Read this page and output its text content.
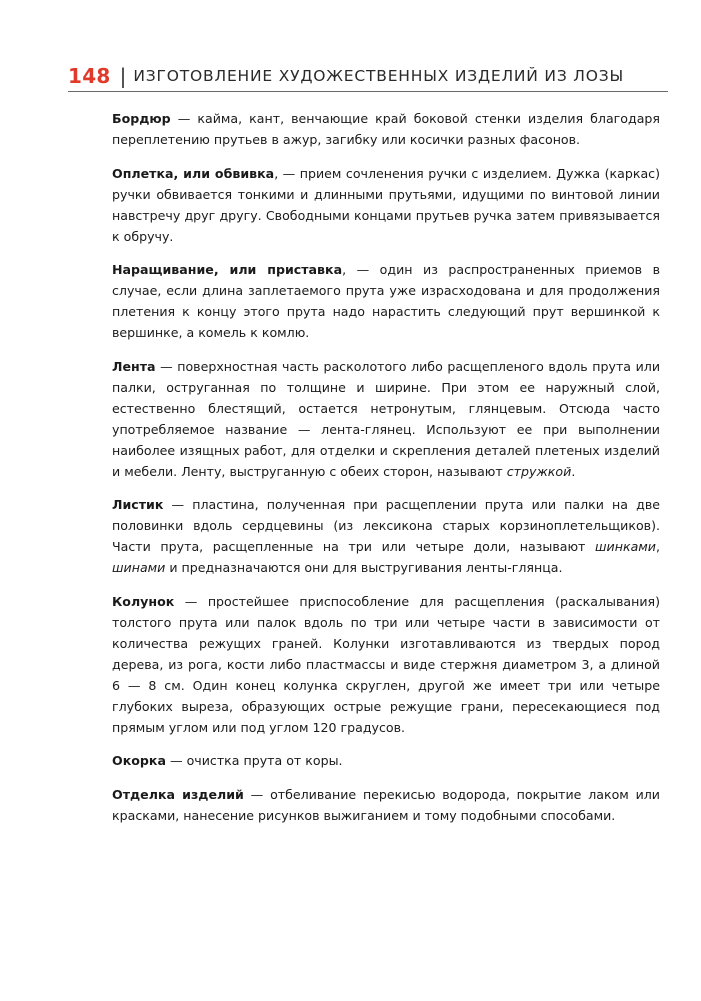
148 | ИЗГОТОВЛЕНИЕ ХУДОЖЕСТВЕННЫХ ИЗДЕЛИЙ ИЗ ЛОЗЫ

Бордюр — кайма, кант, венчающие край боковой стенки изделия благодаря переплетению прутьев в ажур, загибку или косички разных фасонов.

Оплетка, или обвивка, — прием сочленения ручки с изделием. Дужка (каркас) ручки обвивается тонкими и длинными прутьями, идущими по винтовой линии навстречу друг другу. Свободными концами прутьев ручка затем привязывается к обручу.

Наращивание, или приставка, — один из распространенных приемов в случае, если длина заплетаемого прута уже израсходована и для продолжения плетения к концу этого прута надо нарастить следующий прут вершинкой к вершинке, а комель к комлю.

Лента — поверхностная часть расколотого либо расщепленого вдоль прута или палки, оструганная по толщине и ширине. При этом ее наружный слой, естественно блестящий, остается нетронутым, глянцевым. Отсюда часто употребляемое название — лента-глянец. Используют ее при выполнении наиболее изящных работ, для отделки и скрепления деталей плетеных изделий и мебели. Ленту, выструганную с обеих сторон, называют стружкой.

Листик — пластина, полученная при расщеплении прута или палки на две половинки вдоль сердцевины (из лексикона старых корзиноплетельщиков). Части прута, расщепленные на три или четыре доли, называют шинками, шинами и предназначаются они для выстругивания ленты-глянца.

Колунок — простейшее приспособление для расщепления (раскалывания) толстого прута или палок вдоль по три или четыре части в зависимости от количества режущих граней. Колунки изготавливаются из твердых пород дерева, из рога, кости либо пластмассы и виде стержня диаметром 3, а длиной 6 — 8 см. Один конец колунка скруглен, другой же имеет три или четыре глубоких выреза, образующих острые режущие грани, пересекающиеся под прямым углом или под углом 120 градусов.

Окорка — очистка прута от коры.

Отделка изделий — отбеливание перекисью водорода, покрытие лаком или красками, нанесение рисунков выжиганием и тому подобными способами.
